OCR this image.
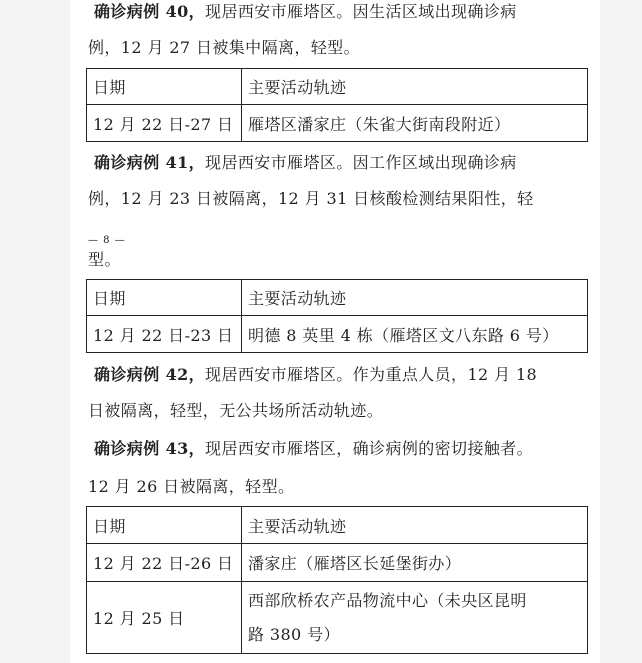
确诊病例 40，现居西安市雁塔区。因生活区域出现确诊病
例，12 月 27 日被集中隔离，轻型。
日期	主要活动轨迹
12 月 22 日-27 日	雁塔区潘家庄（朱雀大街南段附近）
确诊病例 41，现居西安市雁塔区。因工作区域出现确诊病
例，12 月 23 日被隔离，12 月 31 日核酸检测结果阳性，轻
— 8 —
型。
日期	主要活动轨迹
12 月 22 日-23 日	明德 8 英里 4 栋（雁塔区文八东路 6 号）
确诊病例 42，现居西安市雁塔区。作为重点人员，12 月 18
日被隔离，轻型，无公共场所活动轨迹。
确诊病例 43，现居西安市雁塔区，确诊病例的密切接触者。
12 月 26 日被隔离，轻型。
日期	主要活动轨迹
12 月 22 日-26 日	潘家庄（雁塔区长延堡街办）
12 月 25 日	西部欣桥农产品物流中心（未央区昆明
路 380 号）
